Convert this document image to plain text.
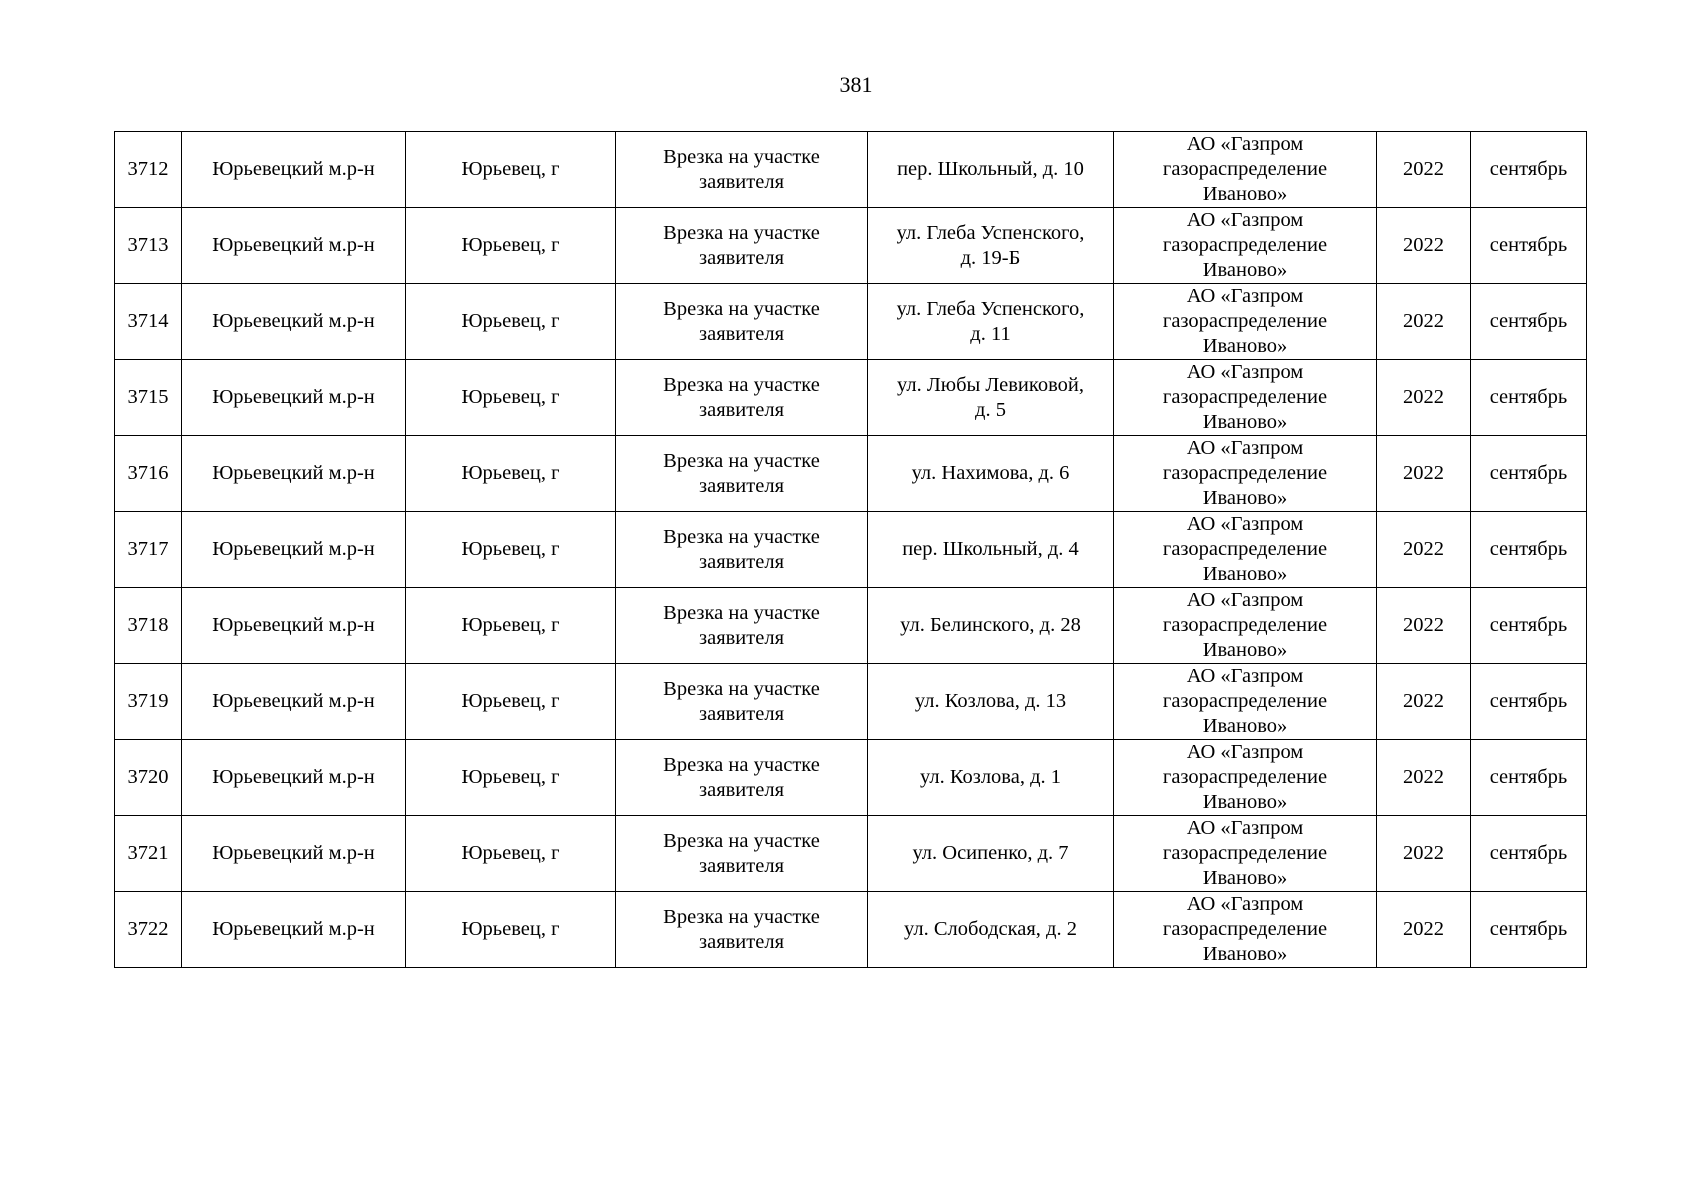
381
3712	Юрьевецкий м.р-н	Юрьевец, г	Врезка на участке
заявителя	пер. Школьный, д. 10	АО «Газпром
газораспределение
Иваново»	2022	сентябрь
3713	Юрьевецкий м.р-н	Юрьевец, г	Врезка на участке
заявителя	ул. Глеба Успенского,
д. 19-Б	АО «Газпром
газораспределение
Иваново»	2022	сентябрь
3714	Юрьевецкий м.р-н	Юрьевец, г	Врезка на участке
заявителя	ул. Глеба Успенского,
д. 11	АО «Газпром
газораспределение
Иваново»	2022	сентябрь
3715	Юрьевецкий м.р-н	Юрьевец, г	Врезка на участке
заявителя	ул. Любы Левиковой,
д. 5	АО «Газпром
газораспределение
Иваново»	2022	сентябрь
3716	Юрьевецкий м.р-н	Юрьевец, г	Врезка на участке
заявителя	ул. Нахимова, д. 6	АО «Газпром
газораспределение
Иваново»	2022	сентябрь
3717	Юрьевецкий м.р-н	Юрьевец, г	Врезка на участке
заявителя	пер. Школьный, д. 4	АО «Газпром
газораспределение
Иваново»	2022	сентябрь
3718	Юрьевецкий м.р-н	Юрьевец, г	Врезка на участке
заявителя	ул. Белинского, д. 28	АО «Газпром
газораспределение
Иваново»	2022	сентябрь
3719	Юрьевецкий м.р-н	Юрьевец, г	Врезка на участке
заявителя	ул. Козлова, д. 13	АО «Газпром
газораспределение
Иваново»	2022	сентябрь
3720	Юрьевецкий м.р-н	Юрьевец, г	Врезка на участке
заявителя	ул. Козлова, д. 1	АО «Газпром
газораспределение
Иваново»	2022	сентябрь
3721	Юрьевецкий м.р-н	Юрьевец, г	Врезка на участке
заявителя	ул. Осипенко, д. 7	АО «Газпром
газораспределение
Иваново»	2022	сентябрь
3722	Юрьевецкий м.р-н	Юрьевец, г	Врезка на участке
заявителя	ул. Слободская, д. 2	АО «Газпром
газораспределение
Иваново»	2022	сентябрь
